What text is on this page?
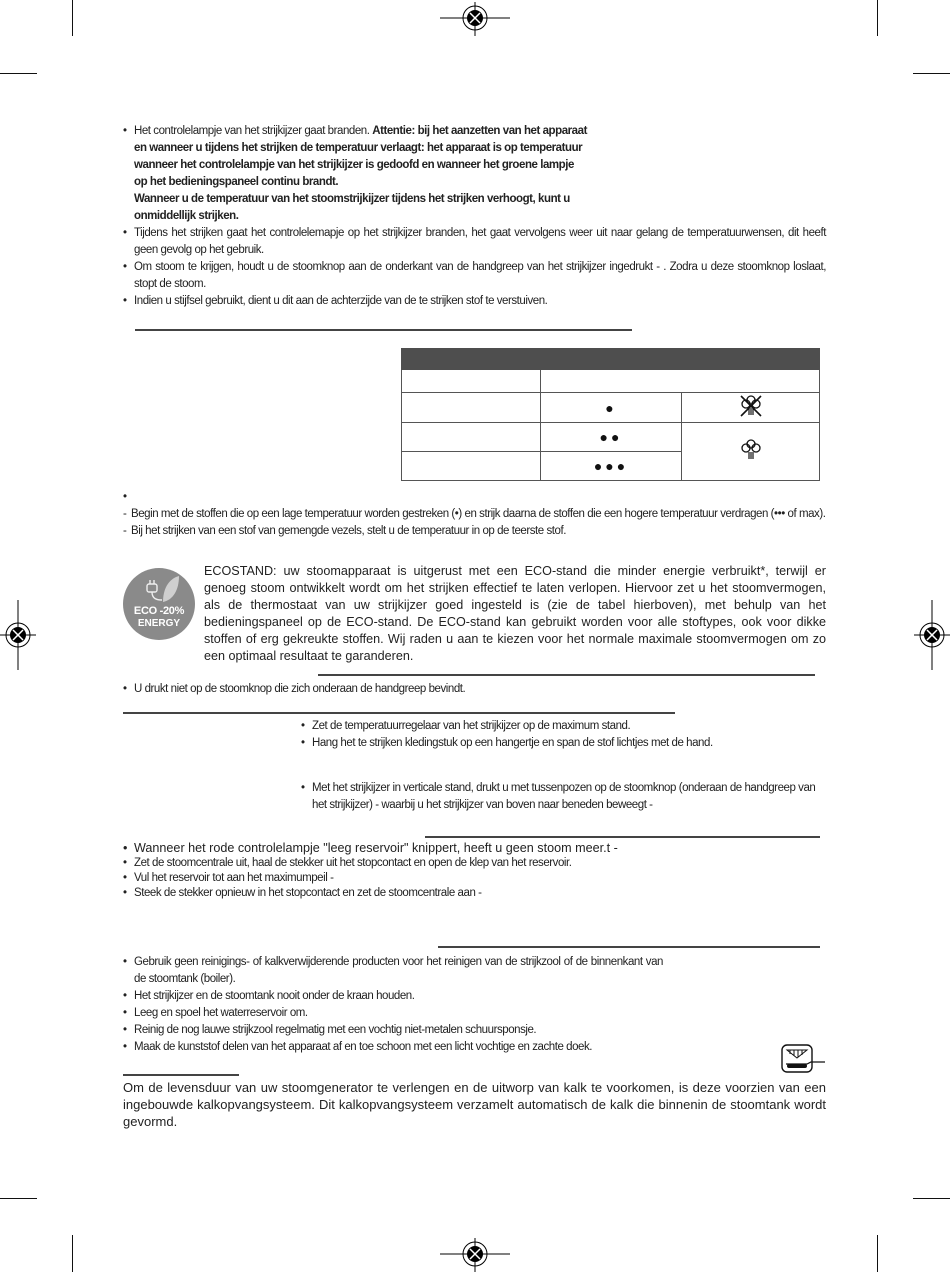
• Het controlelampje van het strijkijzer gaat branden. Attentie: bij het aanzetten van het apparaat en wanneer u tijdens het strijken de temperatuur verlaagt: het apparaat is op temperatuur wanneer het controlelampje van het strijkijzer is gedoofd en wanneer het groene lampje op het bedieningspaneel continu brandt.
Wanneer u de temperatuur van het stoomstrijkijzer tijdens het strijken verhoogt, kunt u onmiddellijk strijken.
• Tijdens het strijken gaat het controlelemapje op het strijkijzer branden, het gaat vervolgens weer uit naar gelang de temperatuurwensen, dit heeft geen gevolg op het gebruik.
• Om stoom te krijgen, houdt u de stoomknop aan de onderkant van de handgreep van het strijkijzer ingedrukt - . Zodra u deze stoomknop loslaat, stopt de stoom.
• Indien u stijfsel gebruikt, dient u dit aan de achterzijde van de te strijken stof te verstuiven.

	●	
	●●	
	●●●	
•
- Begin met de stoffen die op een lage temperatuur worden gestreken (•) en strijk daarna de stoffen die een hogere temperatuur verdragen (••• of max).
- Bij het strijken van een stof van gemengde vezels, stelt u de temperatuur in op de teerste stof.
ECO -20%
ENERGY
ECOSTAND: uw stoomapparaat is uitgerust met een ECO-stand die minder energie verbruikt*, terwijl er genoeg stoom ontwikkelt wordt om het strijken effectief te laten verlopen. Hiervoor zet u het stoomvermogen, als de thermostaat van uw strijkijzer goed ingesteld is (zie de tabel hierboven), met behulp van het bedieningspaneel op de ECO-stand. De ECO-stand kan gebruikt worden voor alle stoftypes, ook voor dikke stoffen of erg gekreukte stoffen. Wij raden u aan te kiezen voor het normale maximale stoomvermogen om zo een optimaal resultaat te garanderen.
• U drukt niet op de stoomknop die zich onderaan de handgreep bevindt.
• Zet de temperatuurregelaar van het strijkijzer op de maximum stand.
• Hang het te strijken kledingstuk op een hangertje en span de stof lichtjes met de hand.
• Met het strijkijzer in verticale stand, drukt u met tussenpozen op de stoomknop (onderaan de handgreep van het strijkijzer) - waarbij u het strijkijzer van boven naar beneden beweegt -
• Wanneer het rode controlelampje "leeg reservoir" knippert, heeft u geen stoom meer.t -
• Zet de stoomcentrale uit, haal de stekker uit het stopcontact en open de klep van het reservoir.
• Vul het reservoir tot aan het maximumpeil -
• Steek de stekker opnieuw in het stopcontact en zet de stoomcentrale aan -
• Gebruik geen reinigings- of kalkverwijderende producten voor het reinigen van de strijkzool of de binnenkant van de stoomtank (boiler).
• Het strijkijzer en de stoomtank nooit onder de kraan houden.
• Leeg en spoel het waterreservoir om.
• Reinig de nog lauwe strijkzool regelmatig met een vochtig niet-metalen schuursponsje.
• Maak de kunststof delen van het apparaat af en toe schoon met een licht vochtige en zachte doek.
Om de levensduur van uw stoomgenerator te verlengen en de uitworp van kalk te voorkomen, is deze voorzien van een ingebouwde kalkopvangsysteem. Dit kalkopvangsysteem verzamelt automatisch de kalk die binnenin de stoomtank wordt gevormd.
